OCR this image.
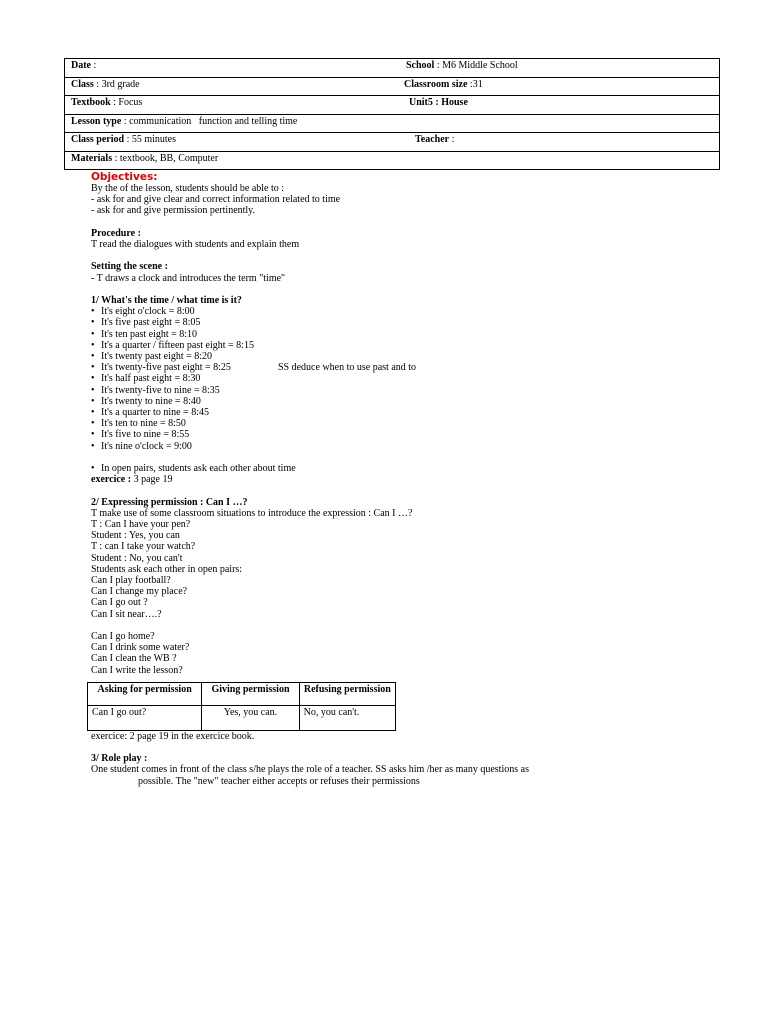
Date :	School : M6 Middle School

Class : 3rd grade	Classroom size :31

Textbook : Focus	Unit5 : House

Lesson type : communication   function and telling time

Class period : 55 minutes	Teacher :

Materials : textbook, BB, Computer
Objectives:
By the of the lesson, students should be able to :
- ask for and give clear and correct information related to time
- ask for and give permission pertinently.
Procedure :
T read the dialogues with students and explain them
Setting the scene :
- T draws a clock and introduces the term "time"
1/ What's the time / what time is it?
• It's eight o'clock = 8:00
• It's five past eight = 8:05
• It's ten past eight = 8:10
• It's a quarter / fifteen past eight = 8:15
• It's twenty past eight = 8:20
• It's twenty-five past eight = 8:25	SS deduce when to use past and to
• It's half past eight = 8:30
• It's twenty-five to nine = 8:35
• It's twenty to nine = 8:40
• It's a quarter to nine = 8:45
• It's ten to nine = 8:50
• It's five to nine = 8:55
• It's nine o'clock = 9:00
• In open pairs, students ask each other about time
exercice : 3 page 19
2/ Expressing permission : Can I …?
T make use of some classroom situations to introduce the expression : Can I …?
T : Can I have your pen?
Student : Yes, you can
T : can I take your watch?
Student : No, you can't
Students ask each other in open pairs:
Can I play football?
Can I change my place?
Can I go out ?
Can I sit near….?
Can I go home?
Can I drink some water?
Can I clean the WB ?
Can I write the lesson?
Asking for permission	Giving permission	Refusing permission
Can I go out?	Yes, you can.	No, you can't.
exercice: 2 page 19 in the exercice book.
3/ Role play :
One student comes in front of the class s/he plays the role of a teacher. SS asks him /her as many questions as
possible. The "new" teacher either accepts or refuses their permissions
